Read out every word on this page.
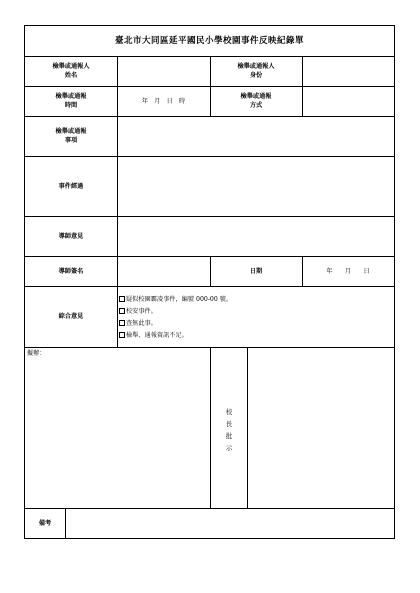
臺北市大同區延平國民小學校園事件反映紀錄單
檢舉或通報人
姓名
檢舉或通報人
身份
檢舉或通報
時間
年　月　日　時
檢舉或通報
方式
檢舉或通報
事項
事件經過
導師意見
導師簽名	日期	年　　月　　日
綜合意見
疑似校園霸凌事件，編號 000-00 號。
校安事件。
查無此事。
檢舉、通報資訊不足。
擬辦：
校
長
批
示
備考
